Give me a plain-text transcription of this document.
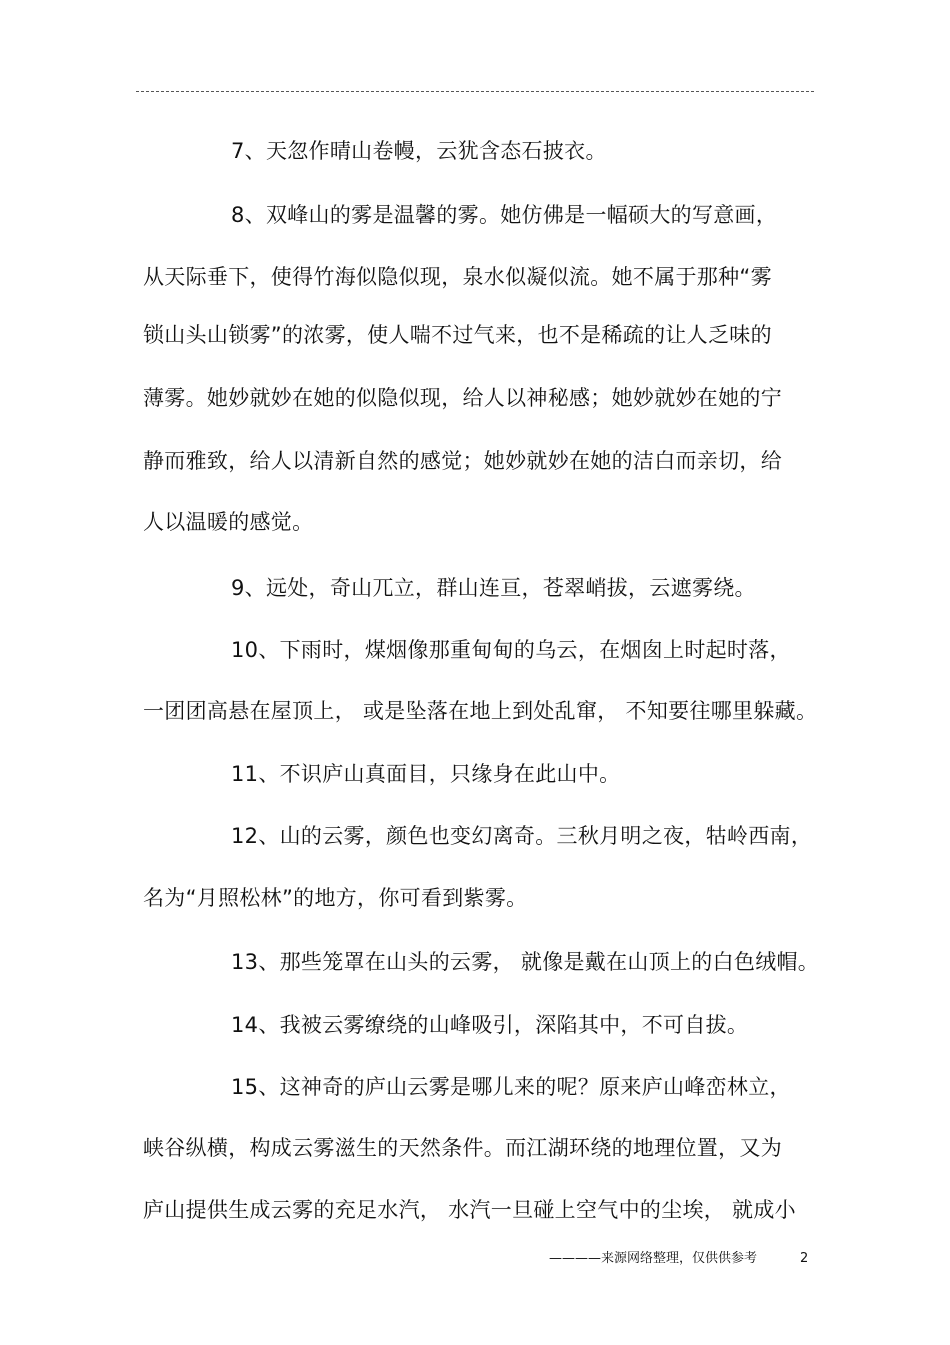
7、天忽作晴山卷幔，云犹含态石披衣。
8、双峰山的雾是温馨的雾。她仿佛是一幅硕大的写意画，
从天际垂下，使得竹海似隐似现，泉水似凝似流。她不属于那种“雾
锁山头山锁雾”的浓雾，使人喘不过气来，也不是稀疏的让人乏味的
薄雾。她妙就妙在她的似隐似现，给人以神秘感；她妙就妙在她的宁
静而雅致，给人以清新自然的感觉；她妙就妙在她的洁白而亲切，给
人以温暖的感觉。
9、远处，奇山兀立，群山连亘，苍翠峭拔，云遮雾绕。
10、下雨时，煤烟像那重甸甸的乌云，在烟囱上时起时落，
一团团高悬在屋顶上， 或是坠落在地上到处乱窜， 不知要往哪里躲藏。
11、不识庐山真面目，只缘身在此山中。
12、山的云雾，颜色也变幻离奇。三秋月明之夜，牯岭西南，
名为“月照松林”的地方，你可看到紫雾。
13、那些笼罩在山头的云雾， 就像是戴在山顶上的白色绒帽。
14、我被云雾缭绕的山峰吸引，深陷其中，不可自拔。
15、这神奇的庐山云雾是哪儿来的呢？原来庐山峰峦林立，
峡谷纵横，构成云雾滋生的天然条件。而江湖环绕的地理位置，又为
庐山提供生成云雾的充足水汽， 水汽一旦碰上空气中的尘埃， 就成小
————来源网络整理，仅供供参考	2
